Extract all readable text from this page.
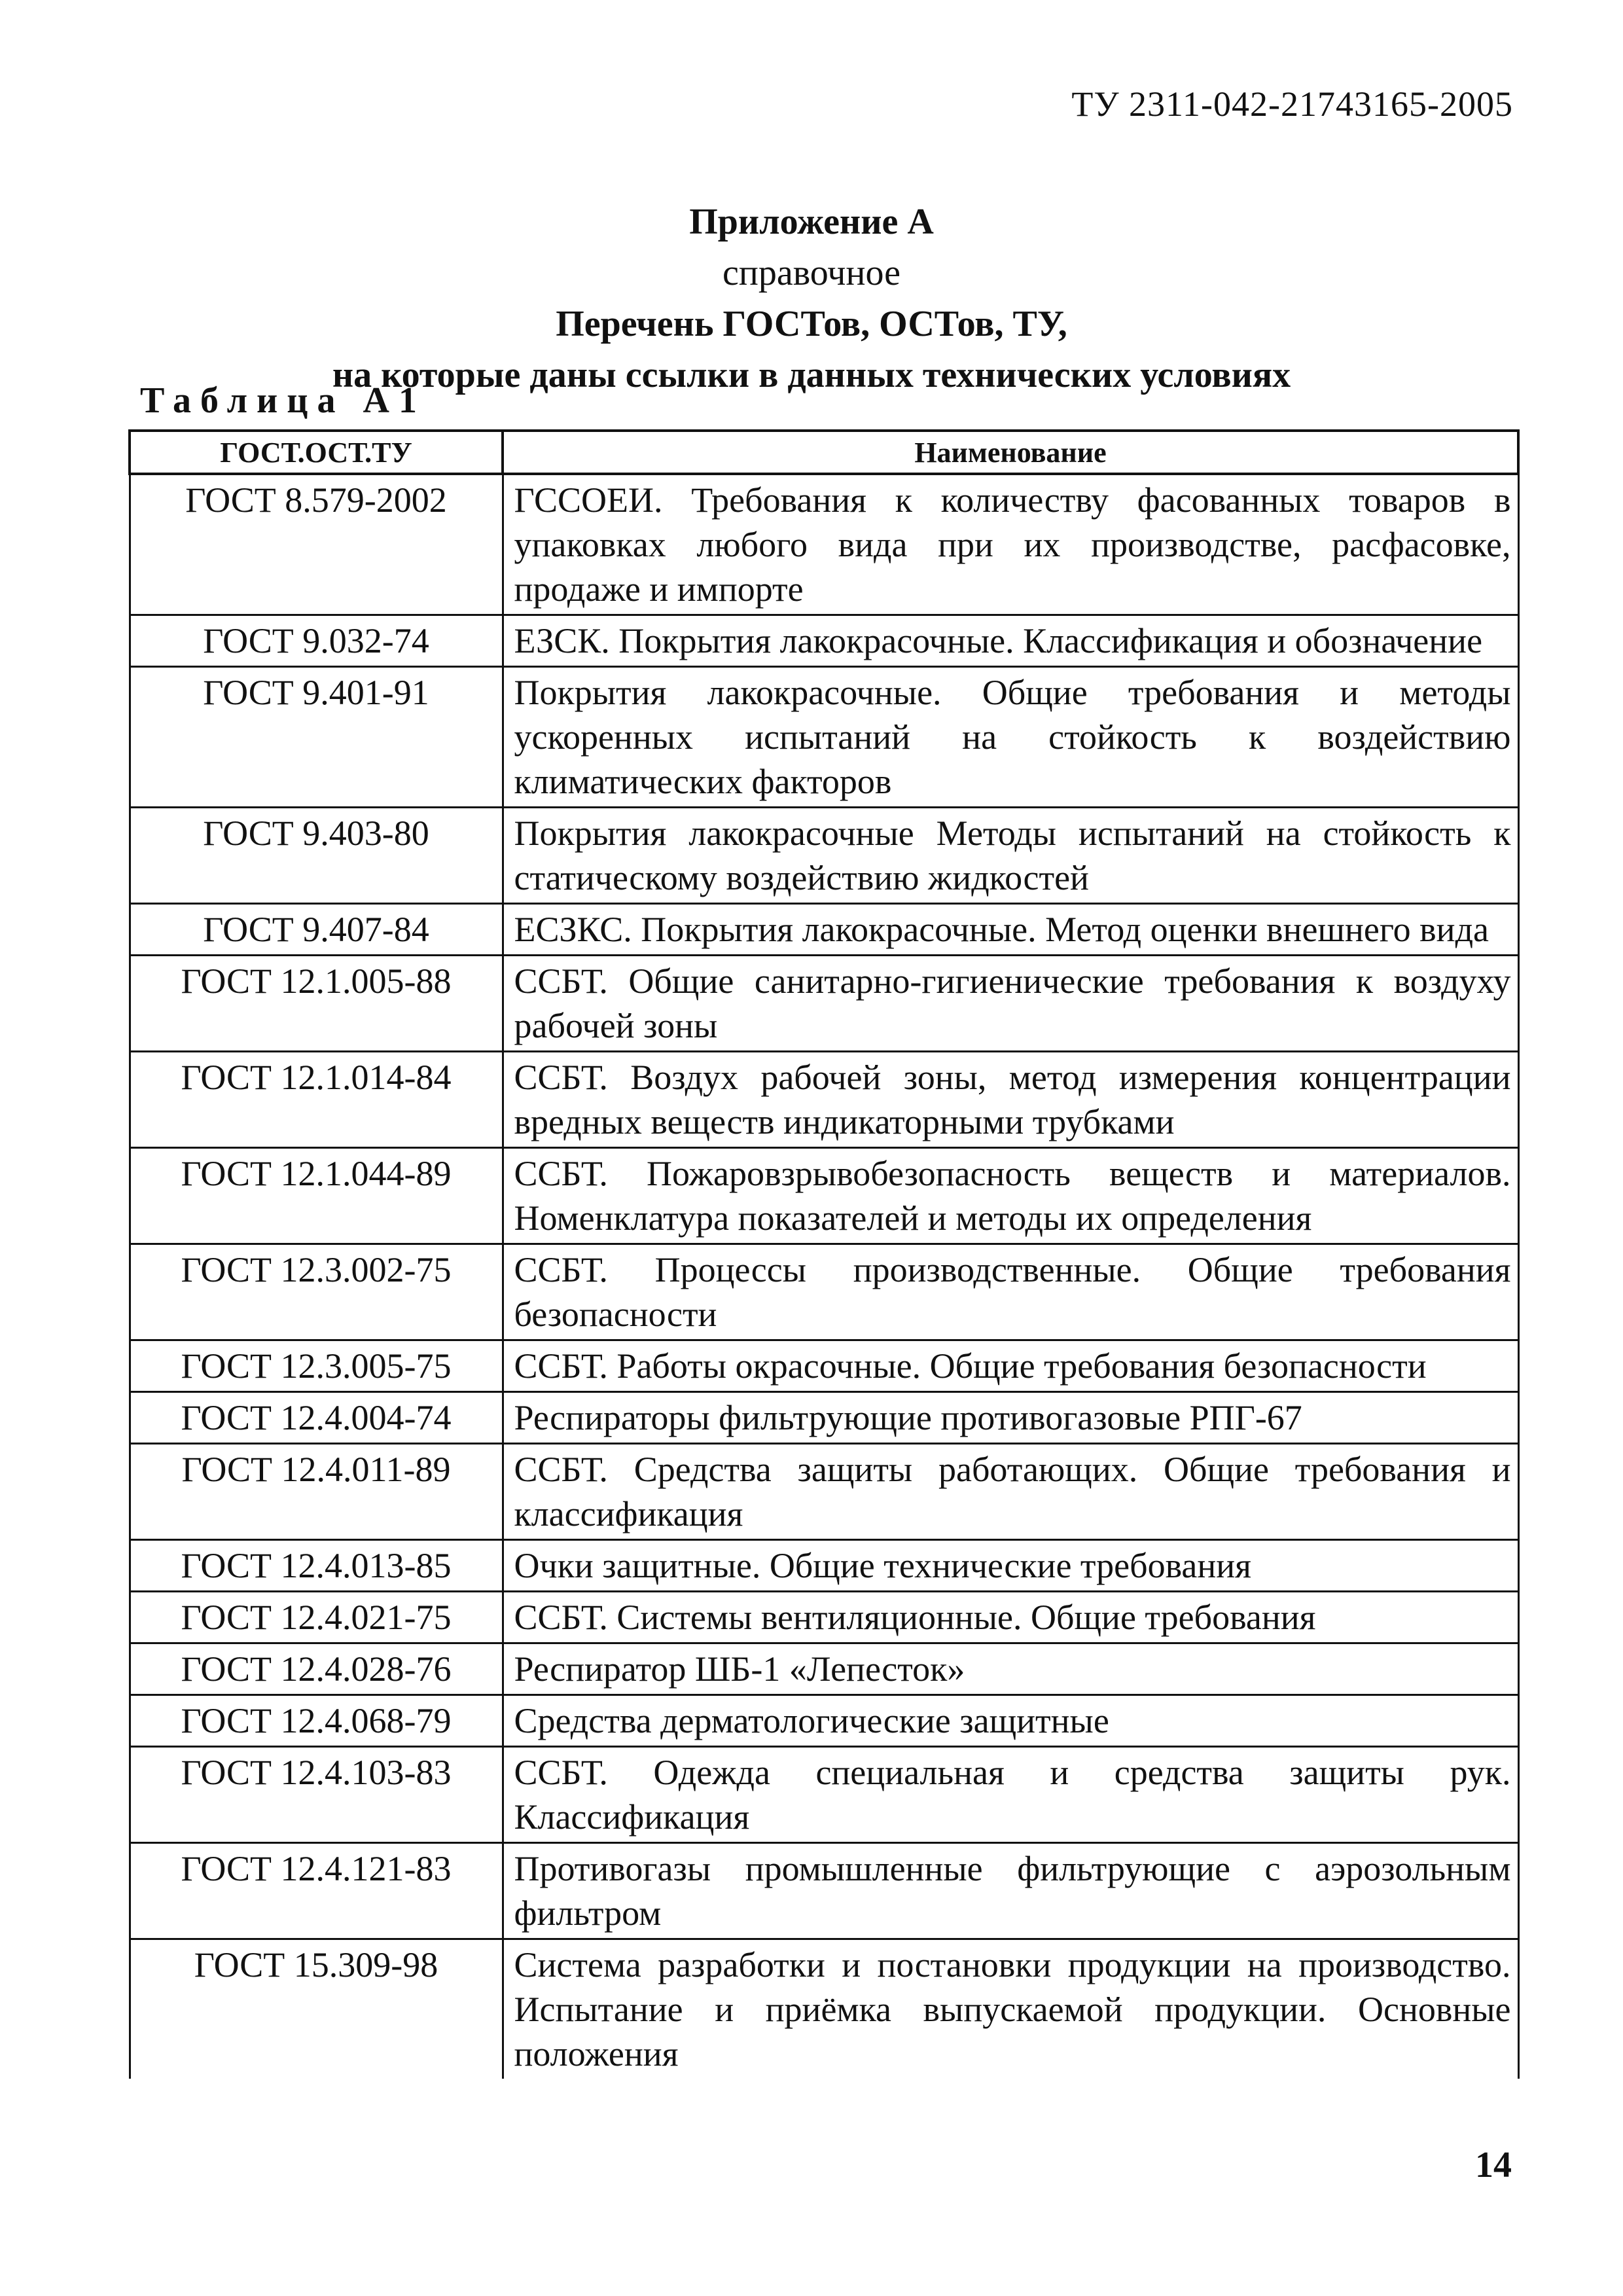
ТУ 2311-042-21743165-2005
Приложение А
справочное
Перечень ГОСТов, ОСТов, ТУ,
на которые даны ссылки в данных технических условиях
Таблица А1
ГОСТ.ОСТ.ТУ	Наименование
ГОСТ 8.579-2002	ГССОЕИ. Требования к количеству фасованных товаров в упаковках любого вида при их производстве, расфасовке, продаже и импорте
ГОСТ 9.032-74	ЕЗСК. Покрытия лакокрасочные. Классификация и обозначение
ГОСТ 9.401-91	Покрытия лакокрасочные. Общие требования и методы ускоренных испытаний на стойкость к воздействию климатических факторов
ГОСТ 9.403-80	Покрытия лакокрасочные Методы испытаний на стойкость к статическому воздействию жидкостей
ГОСТ 9.407-84	ЕСЗКС. Покрытия лакокрасочные. Метод оценки внешнего вида
ГОСТ 12.1.005-88	ССБТ. Общие санитарно-гигиенические требования к воздуху рабочей зоны
ГОСТ 12.1.014-84	ССБТ. Воздух рабочей зоны, метод измерения концентрации вредных веществ индикаторными трубками
ГОСТ 12.1.044-89	ССБТ. Пожаровзрывобезопасность веществ и материалов. Номенклатура показателей и методы их определения
ГОСТ 12.3.002-75	ССБТ. Процессы производственные. Общие требования безопасности
ГОСТ 12.3.005-75	ССБТ. Работы окрасочные. Общие требования безопасности
ГОСТ 12.4.004-74	Респираторы фильтрующие противогазовые РПГ-67
ГОСТ 12.4.011-89	ССБТ. Средства защиты работающих. Общие требования и классификация
ГОСТ 12.4.013-85	Очки защитные. Общие технические требования
ГОСТ 12.4.021-75	ССБТ. Системы вентиляционные. Общие требования
ГОСТ 12.4.028-76	Респиратор ШБ-1 «Лепесток»
ГОСТ 12.4.068-79	Средства дерматологические защитные
ГОСТ 12.4.103-83	ССБТ. Одежда специальная и средства защиты рук. Классификация
ГОСТ 12.4.121-83	Противогазы промышленные фильтрующие с аэрозольным фильтром
ГОСТ 15.309-98	Система разработки и постановки продукции на производство. Испытание и приёмка выпускаемой продукции. Основные положения
14
